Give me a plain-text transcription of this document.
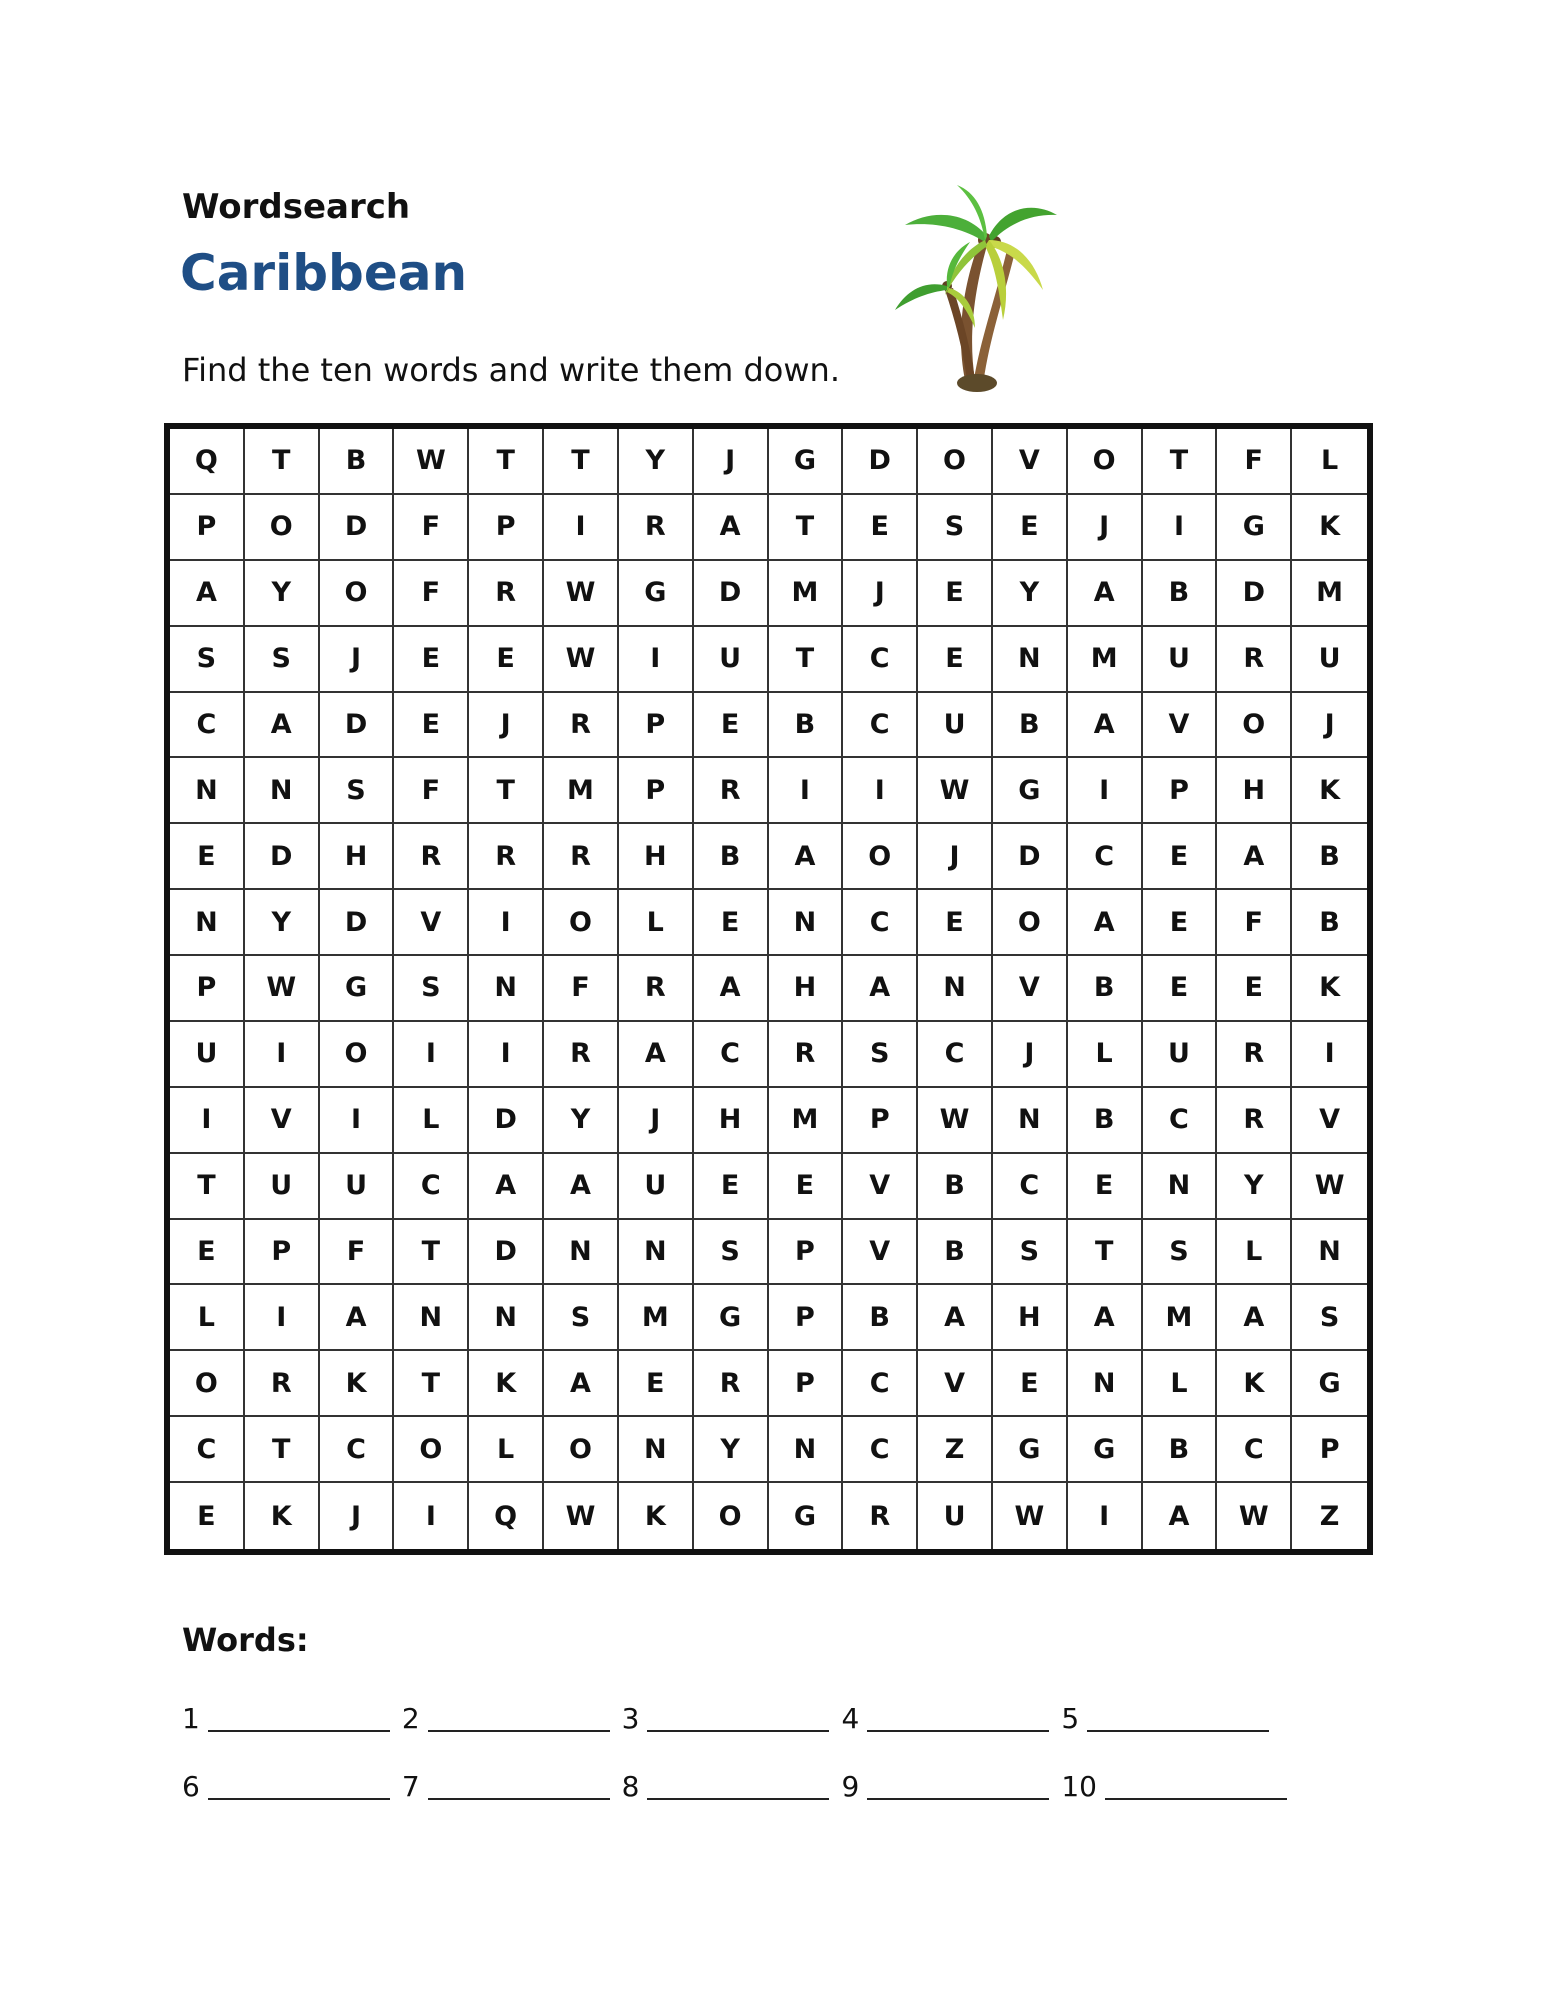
Wordsearch
Caribbean
Find the ten words and write them down.
Q	T	B	W	T	T	Y	J	G	D	O	V	O	T	F	L
P	O	D	F	P	I	R	A	T	E	S	E	J	I	G	K
A	Y	O	F	R	W	G	D	M	J	E	Y	A	B	D	M
S	S	J	E	E	W	I	U	T	C	E	N	M	U	R	U
C	A	D	E	J	R	P	E	B	C	U	B	A	V	O	J
N	N	S	F	T	M	P	R	I	I	W	G	I	P	H	K
E	D	H	R	R	R	H	B	A	O	J	D	C	E	A	B
N	Y	D	V	I	O	L	E	N	C	E	O	A	E	F	B
P	W	G	S	N	F	R	A	H	A	N	V	B	E	E	K
U	I	O	I	I	R	A	C	R	S	C	J	L	U	R	I
I	V	I	L	D	Y	J	H	M	P	W	N	B	C	R	V
T	U	U	C	A	A	U	E	E	V	B	C	E	N	Y	W
E	P	F	T	D	N	N	S	P	V	B	S	T	S	L	N
L	I	A	N	N	S	M	G	P	B	A	H	A	M	A	S
O	R	K	T	K	A	E	R	P	C	V	E	N	L	K	G
C	T	C	O	L	O	N	Y	N	C	Z	G	G	B	C	P
E	K	J	I	Q	W	K	O	G	R	U	W	I	A	W	Z
Words:
1	2	3	4	5
6	7	8	9	10
